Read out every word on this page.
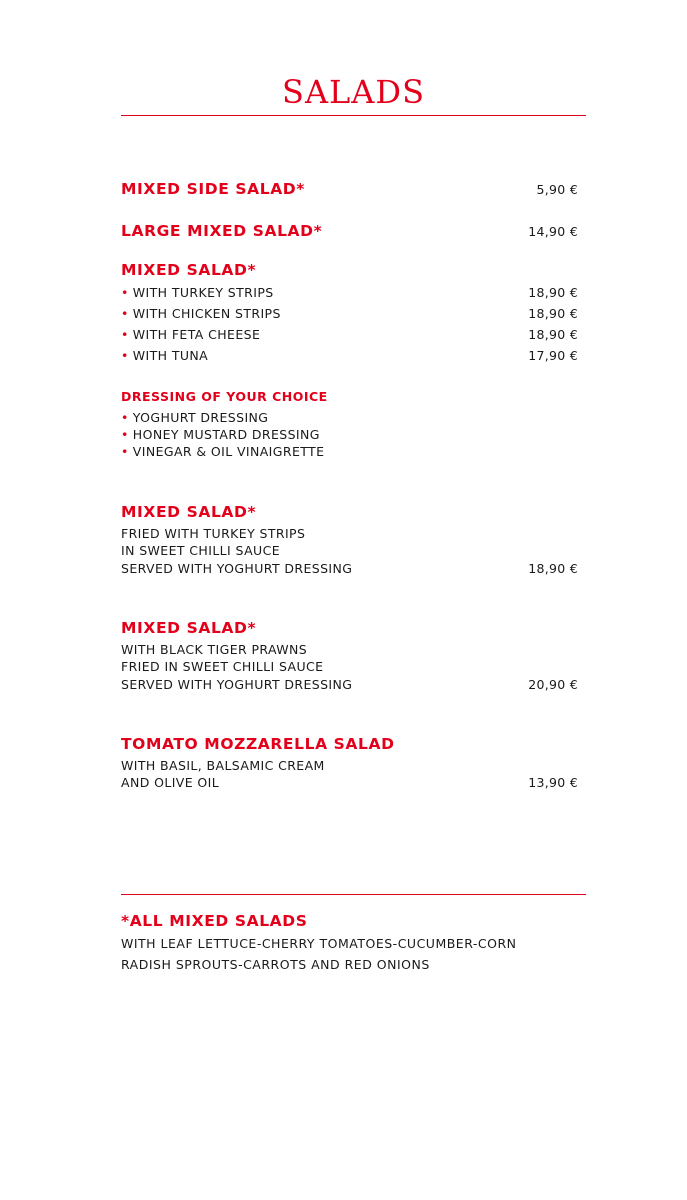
SALADS
MIXED SIDE SALAD*	5,90 €
LARGE MIXED SALAD*	14,90 €
MIXED SALAD*
• WITH TURKEY STRIPS	18,90 €
• WITH CHICKEN STRIPS	18,90 €
• WITH FETA CHEESE	18,90 €
• WITH TUNA	17,90 €
DRESSING OF YOUR CHOICE
• YOGHURT DRESSING
• HONEY MUSTARD DRESSING
• VINEGAR & OIL VINAIGRETTE
MIXED SALAD*
FRIED WITH TURKEY STRIPS
IN SWEET CHILLI SAUCE
SERVED WITH YOGHURT DRESSING	18,90 €
MIXED SALAD*
WITH BLACK TIGER PRAWNS
FRIED IN SWEET CHILLI SAUCE
SERVED WITH YOGHURT DRESSING	20,90 €
TOMATO MOZZARELLA SALAD
WITH BASIL, BALSAMIC CREAM
AND OLIVE OIL	13,90 €
*ALL MIXED SALADS
WITH LEAF LETTUCE-CHERRY TOMATOES-CUCUMBER-CORN
RADISH SPROUTS-CARROTS AND RED ONIONS
